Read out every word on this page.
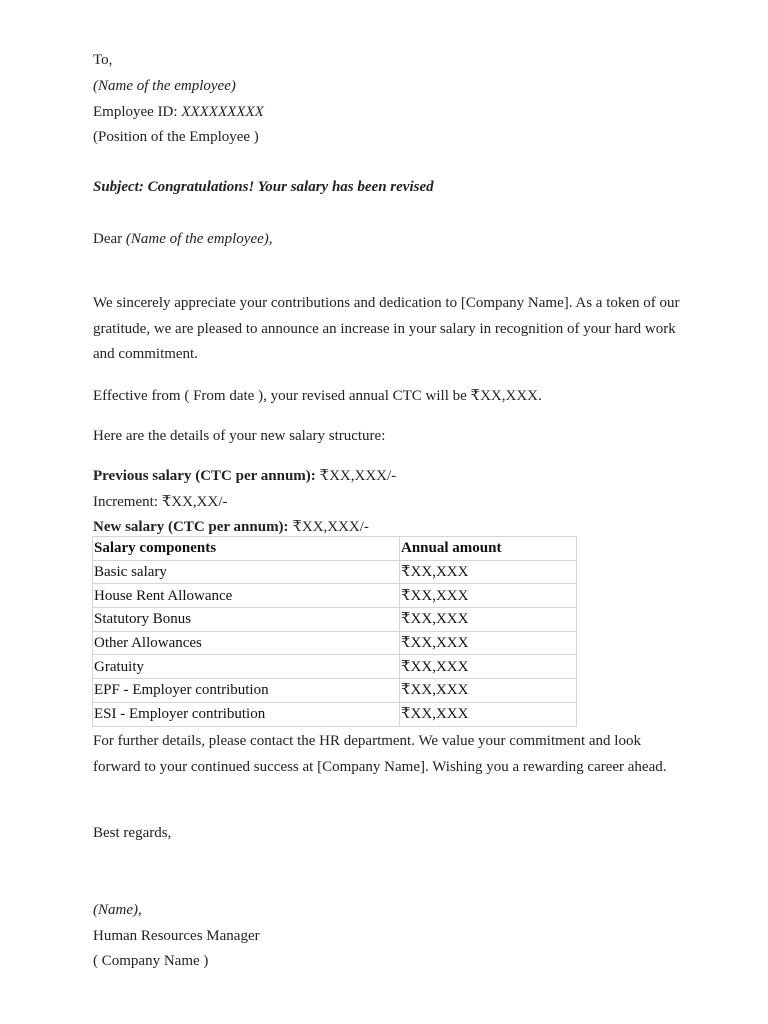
To,
(Name of the employee)
Employee ID: XXXXXXXXX
(Position of the Employee )
Subject: Congratulations! Your salary has been revised
Dear (Name of the employee),
We sincerely appreciate your contributions and dedication to [Company Name]. As a token of our gratitude, we are pleased to announce an increase in your salary in recognition of your hard work and commitment.
Effective from ( From date ), your revised annual CTC will be ₹XX,XXX.
Here are the details of your new salary structure:
Previous salary (CTC per annum): ₹XX,XXX/-
Increment: ₹XX,XX/-
New salary (CTC per annum): ₹XX,XXX/-
Salary components	Annual amount
Basic salary	₹XX,XXX
House Rent Allowance	₹XX,XXX
Statutory Bonus	₹XX,XXX
Other Allowances	₹XX,XXX
Gratuity	₹XX,XXX
EPF - Employer contribution	₹XX,XXX
ESI - Employer contribution	₹XX,XXX
For further details, please contact the HR department. We value your commitment and look forward to your continued success at [Company Name]. Wishing you a rewarding career ahead.
Best regards,
(Name),
Human Resources Manager
( Company Name )
